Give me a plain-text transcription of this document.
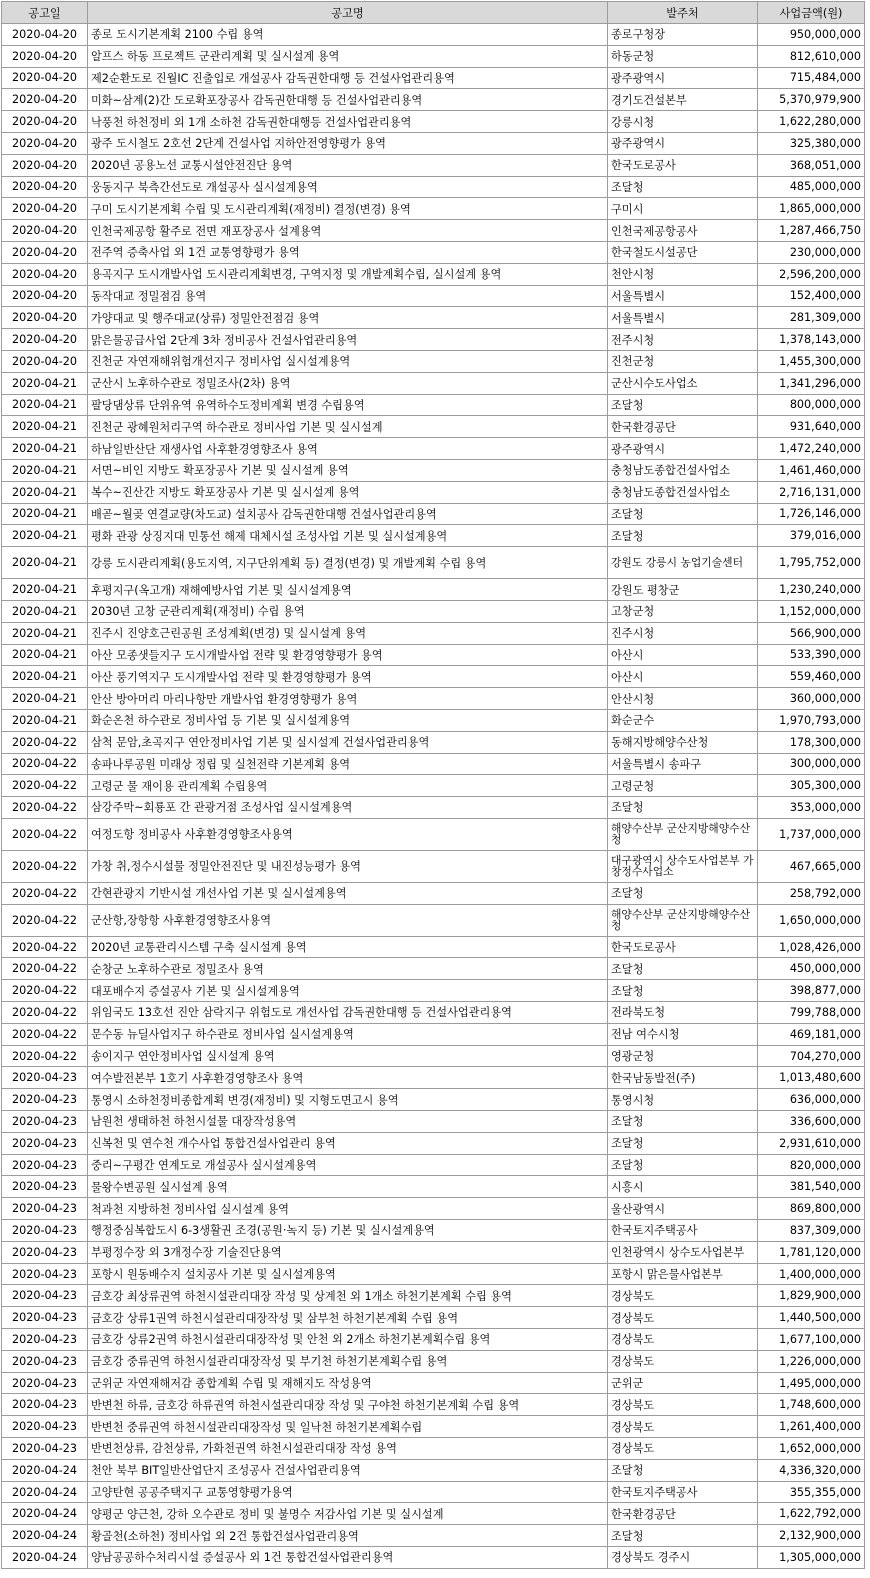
공고일	공고명	발주처	사업금액(원)
2020-04-20	종로 도시기본계획 2100 수립 용역	종로구청장	950,000,000
2020-04-20	알프스 하동 프로젝트 군관리계획 및 실시설계 용역	하동군청	812,610,000
2020-04-20	제2순환도로 진월IC 진출입로 개설공사 감독권한대행 등 건설사업관리용역	광주광역시	715,484,000
2020-04-20	미화~삼계(2)간 도로확포장공사 감독권한대행 등 건설사업관리용역	경기도건설본부	5,370,979,900
2020-04-20	낙풍천 하천정비 외 1개 소하천 감독권한대행등 건설사업관리용역	강릉시청	1,622,280,000
2020-04-20	광주 도시철도 2호선 2단계 건설사업 지하안전영향평가 용역	광주광역시	325,380,000
2020-04-20	2020년 공용노선 교통시설안전진단 용역	한국도로공사	368,051,000
2020-04-20	웅동지구 북측간선도로 개설공사 실시설계용역	조달청	485,000,000
2020-04-20	구미 도시기본계획 수립 및 도시관리계획(재정비) 결정(변경) 용역	구미시	1,865,000,000
2020-04-20	인천국제공항 활주로 전면 재포장공사 설계용역	인천국제공항공사	1,287,466,750
2020-04-20	전주역 증축사업 외 1건 교통영향평가 용역	한국철도시설공단	230,000,000
2020-04-20	용곡지구 도시개발사업 도시관리계획변경, 구역지정 및 개발계획수립, 실시설계 용역	천안시청	2,596,200,000
2020-04-20	동작대교 정밀점검 용역	서울특별시	152,400,000
2020-04-20	가양대교 및 행주대교(상류) 정밀안전점검 용역	서울특별시	281,309,000
2020-04-20	맑은물공급사업 2단계 3차 정비공사 건설사업관리용역	전주시청	1,378,143,000
2020-04-20	진천군 자연재해위험개선지구 정비사업 실시설계용역	진천군청	1,455,300,000
2020-04-21	군산시 노후하수관로 정밀조사(2차) 용역	군산시수도사업소	1,341,296,000
2020-04-21	팔당댐상류 단위유역 유역하수도정비계획 변경 수립용역	조달청	800,000,000
2020-04-21	진천군 광혜원처리구역 하수관로 정비사업 기본 및 실시설계	한국환경공단	931,640,000
2020-04-21	하남일반산단 재생사업 사후환경영향조사 용역	광주광역시	1,472,240,000
2020-04-21	서면~비인 지방도 확포장공사 기본 및 실시설계 용역	충청남도종합건설사업소	1,461,460,000
2020-04-21	복수~진산간 지방도 확포장공사 기본 및 실시설계 용역	충청남도종합건설사업소	2,716,131,000
2020-04-21	배곧~월곶 연결교량(차도교) 설치공사 감독권한대행 건설사업관리용역	조달청	1,726,146,000
2020-04-21	평화 관광 상징지대 민통선 해제 대체시설 조성사업 기본 및 실시설계용역	조달청	379,016,000
2020-04-21	강릉 도시관리계획(용도지역, 지구단위계획 등) 결정(변경) 및 개발계획 수립 용역	강원도 강릉시 농업기술센터	1,795,752,000
2020-04-21	후평지구(옥고개) 재해예방사업 기본 및 실시설계용역	강원도 평창군	1,230,240,000
2020-04-21	2030년 고창 군관리계획(재정비) 수립 용역	고창군청	1,152,000,000
2020-04-21	진주시 진양호근린공원 조성계획(변경) 및 실시설계 용역	진주시청	566,900,000
2020-04-21	아산 모종샛들지구 도시개발사업 전략 및 환경영향평가 용역	아산시	533,390,000
2020-04-21	아산 풍기역지구 도시개발사업 전략 및 환경영향평가 용역	아산시	559,460,000
2020-04-21	안산 방아머리 마리나항만 개발사업 환경영향평가 용역	안산시청	360,000,000
2020-04-21	화순온천 하수관로 정비사업 등 기본 및 실시설계용역	화순군수	1,970,793,000
2020-04-22	삼척 문암,초곡지구 연안정비사업 기본 및 실시설계 건설사업관리용역	동해지방해양수산청	178,300,000
2020-04-22	송파나루공원 미래상 정립 및 실천전략 기본계획 용역	서울특별시 송파구	300,000,000
2020-04-22	고령군 물 재이용 관리계획 수립용역	고령군청	305,300,000
2020-04-22	삼강주막~회룡포 간 관광거점 조성사업 실시설계용역	조달청	353,000,000
2020-04-22	여정도항 정비공사 사후환경영향조사용역	해양수산부 군산지방해양수산청	1,737,000,000
2020-04-22	가창 취,정수시설물 정밀안전진단 및 내진성능평가 용역	대구광역시 상수도사업본부 가창정수사업소	467,665,000
2020-04-22	간현관광지 기반시설 개선사업 기본 및 실시설계용역	조달청	258,792,000
2020-04-22	군산항,장항항 사후환경영향조사용역	해양수산부 군산지방해양수산청	1,650,000,000
2020-04-22	2020년 교통관리시스템 구축 실시설계 용역	한국도로공사	1,028,426,000
2020-04-22	순창군 노후하수관로 정밀조사 용역	조달청	450,000,000
2020-04-22	대포배수지 증설공사 기본 및 실시설계용역	조달청	398,877,000
2020-04-22	위임국도 13호선 진안 삼락지구 위험도로 개선사업 감독권한대행 등 건설사업관리용역	전라북도청	799,788,000
2020-04-22	문수동 뉴딜사업지구 하수관로 정비사업 실시설계용역	전남 여수시청	469,181,000
2020-04-22	송이지구 연안정비사업 실시설계 용역	영광군청	704,270,000
2020-04-23	여수발전본부 1호기 사후환경영향조사 용역	한국남동발전(주)	1,013,480,600
2020-04-23	통영시 소하천정비종합계획 변경(재정비) 및 지형도면고시 용역	통영시청	636,000,000
2020-04-23	남원천 생태하천 하천시설물 대장작성용역	조달청	336,600,000
2020-04-23	신복천 및 연수천 개수사업 통합건설사업관리 용역	조달청	2,931,610,000
2020-04-23	중리~구평간 연계도로 개설공사 실시설계용역	조달청	820,000,000
2020-04-23	물왕수변공원 실시설계 용역	시흥시	381,540,000
2020-04-23	척과천 지방하천 정비사업 실시설계 용역	울산광역시	869,800,000
2020-04-23	행정중심복합도시 6-3생활권 조경(공원·녹지 등) 기본 및 실시설계용역	한국토지주택공사	837,309,000
2020-04-23	부평정수장 외 3개정수장 기술진단용역	인천광역시 상수도사업본부	1,781,120,000
2020-04-23	포항시 원동배수지 설치공사 기본 및 실시설계용역	포항시 맑은물사업본부	1,400,000,000
2020-04-23	금호강 최상류권역 하천시설관리대장 작성 및 상계천 외 1개소 하천기본계획 수립 용역	경상북도	1,829,900,000
2020-04-23	금호강 상류1권역 하천시설관리대장작성 및 삼부천 하천기본계획 수립 용역	경상북도	1,440,500,000
2020-04-23	금호강 상류2권역 하천시설관리대장작성 및 안천 외 2개소 하천기본계획수립 용역	경상북도	1,677,100,000
2020-04-23	금호강 중류권역 하천시설관리대장작성 및 부기천 하천기본계획수립 용역	경상북도	1,226,000,000
2020-04-23	군위군 자연재해저감 종합계획 수립 및 재해지도 작성용역	군위군	1,495,000,000
2020-04-23	반변천 하류, 금호강 하류권역 하천시설관리대장 작성 및 구야천 하천기본계획 수립 용역	경상북도	1,748,600,000
2020-04-23	반변천 중류권역 하천시설관리대장작성 및 일낙천 하천기본계획수립	경상북도	1,261,400,000
2020-04-23	반변천상류, 감천상류, 가화천권역 하천시설관리대장 작성 용역	경상북도	1,652,000,000
2020-04-24	천안 북부 BIT일반산업단지 조성공사 건설사업관리용역	조달청	4,336,320,000
2020-04-24	고양탄현 공공주택지구 교통영향평가용역	한국토지주택공사	355,355,000
2020-04-24	양평군 양근천, 강하 오수관로 정비 및 불명수 저감사업 기본 및 실시설계	한국환경공단	1,622,792,000
2020-04-24	황골천(소하천) 정비사업 외 2건 통합건설사업관리용역	조달청	2,132,900,000
2020-04-24	양남공공하수처리시설 증설공사 외 1건 통합건설사업관리용역	경상북도 경주시	1,305,000,000
